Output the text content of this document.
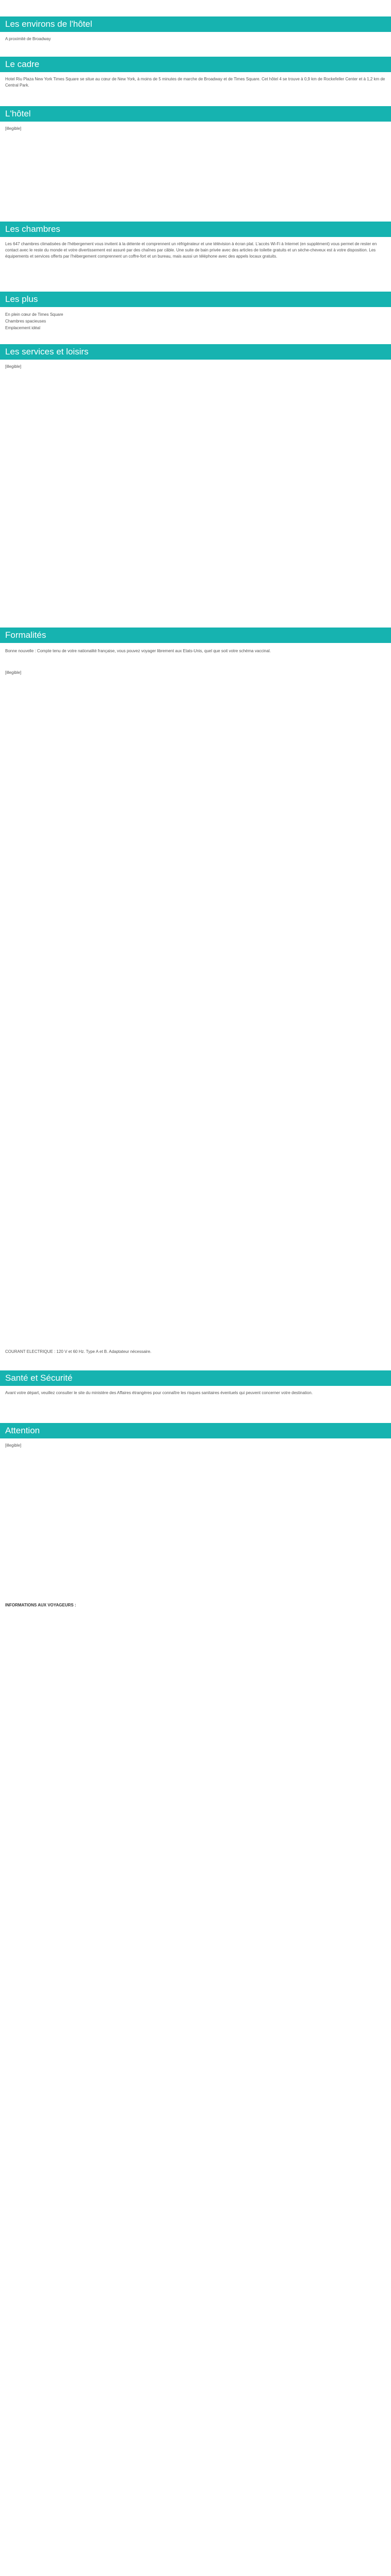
Les environs de l'hôtel
A proximité de Broadway
Le cadre
Hotel Riu Plaza New York Times Square se situe au cœur de New York, à moins de 5 minutes de marche de Broadway et de Times Square. Cet hôtel 4 se trouve à 0,9 km de Rockefeller Center et à 1,2 km de Central Park.
L'hôtel
[illegible]
Les chambres
Les 647 chambres climatisées de l'hébergement vous invitent à la détente et comprennent un réfrigérateur et une télévision à écran plat. L'accès Wi-Fi à Internet (en supplément) vous permet de rester en contact avec le reste du monde et votre divertissement est assuré par des chaînes par câble. Une suite de bain privée avec des articles de toilette gratuits et un sèche-cheveux est à votre disposition. Les équipements et services offerts par l'hébergement comprennent un coffre-fort et un bureau, mais aussi un téléphone avec des appels locaux gratuits.
Les plus
En plein cœur de Times Square
Chambres spacieuses
Emplacement idéal
Les services et loisirs
[illegible]
Formalités
Bonne nouvelle : Compte tenu de votre nationalité française, vous pouvez voyager librement aux Etats-Unis, quel que soit votre schéma vaccinal.
[illegible]
COURANT ELECTRIQUE : 120 V et 60 Hz. Type A et B. Adaptateur nécessaire.
Santé et Sécurité
Avant votre départ, veuillez consulter le site du ministère des Affaires étrangères pour connaître les risques sanitaires éventuels qui peuvent concerner votre destination.
Attention
[illegible]
INFORMATIONS AUX VOYAGEURS :
